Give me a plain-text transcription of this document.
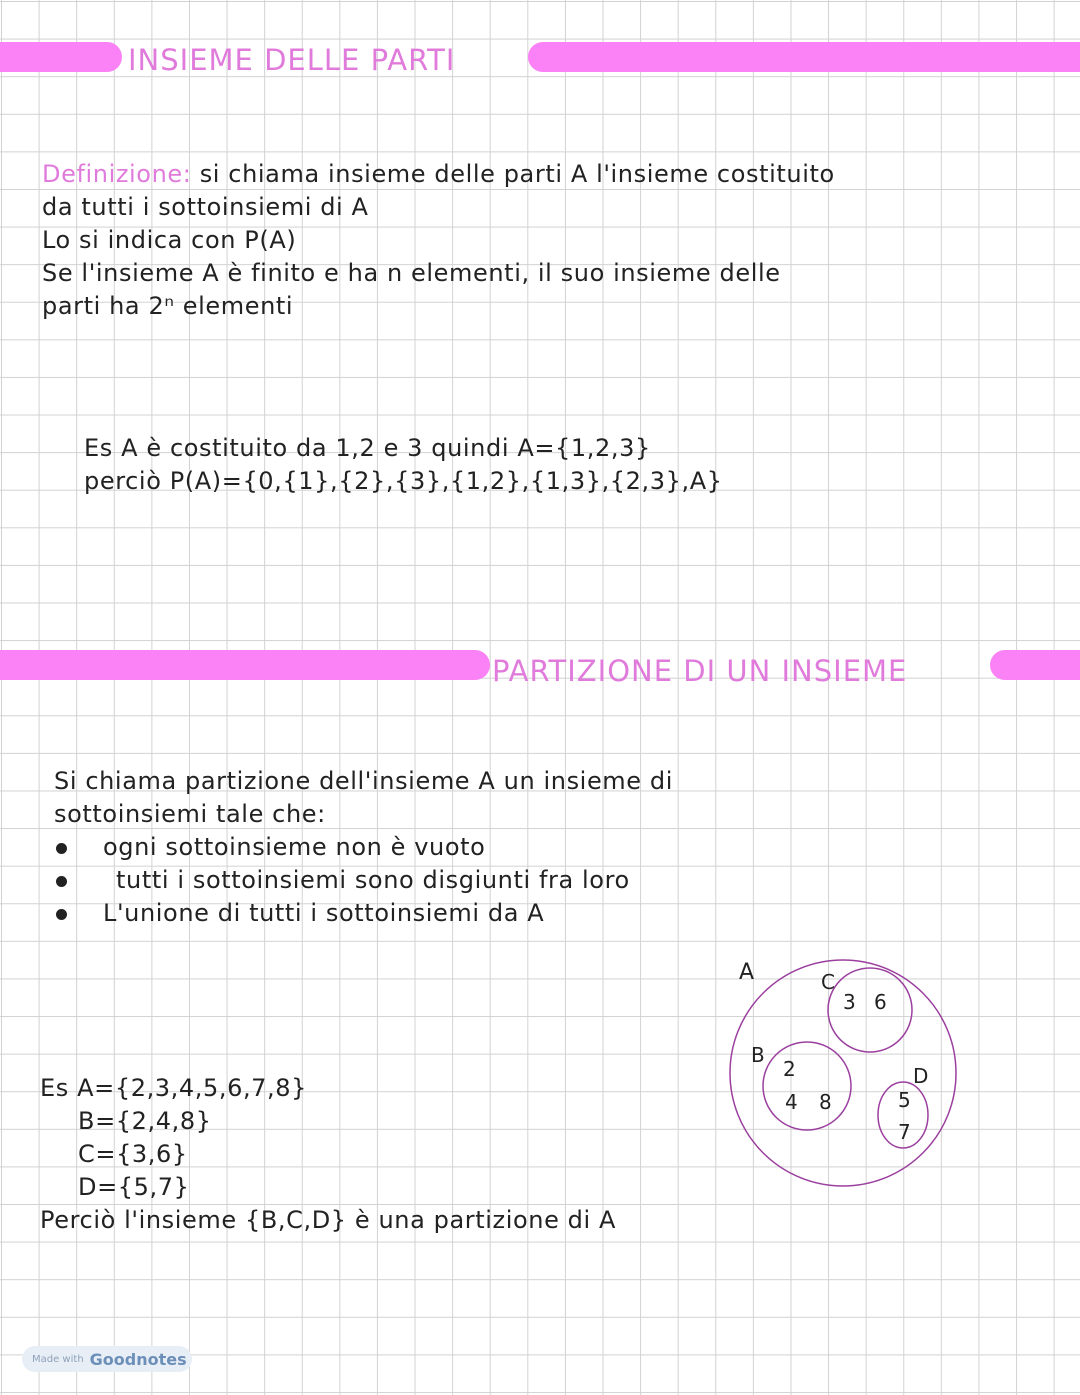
INSIEME DELLE PARTI
Definizione: si chiama insieme delle parti A l'insieme costituito
da tutti i sottoinsiemi di A
Lo si indica con P(A)
Se l'insieme A è finito e ha n elementi, il suo insieme delle
parti ha 2ⁿ elementi
Es A è costituito da 1,2 e 3 quindi A={1,2,3}
perciò P(A)={0,{1},{2},{3},{1,2},{1,3},{2,3},A}
PARTIZIONE DI UN INSIEME
Si chiama partizione dell'insieme A un insieme di
sottoinsiemi tale che:
ogni sottoinsieme non è vuoto
tutti i sottoinsiemi sono disgiunti fra loro
L'unione di tutti i sottoinsiemi da A
Es A={2,3,4,5,6,7,8}
B={2,4,8}
C={3,6}
D={5,7}
Perciò l'insieme {B,C,D} è una partizione di A
A
B
2
4 8
C
3 6
D
5
7
Made with Goodnotes
